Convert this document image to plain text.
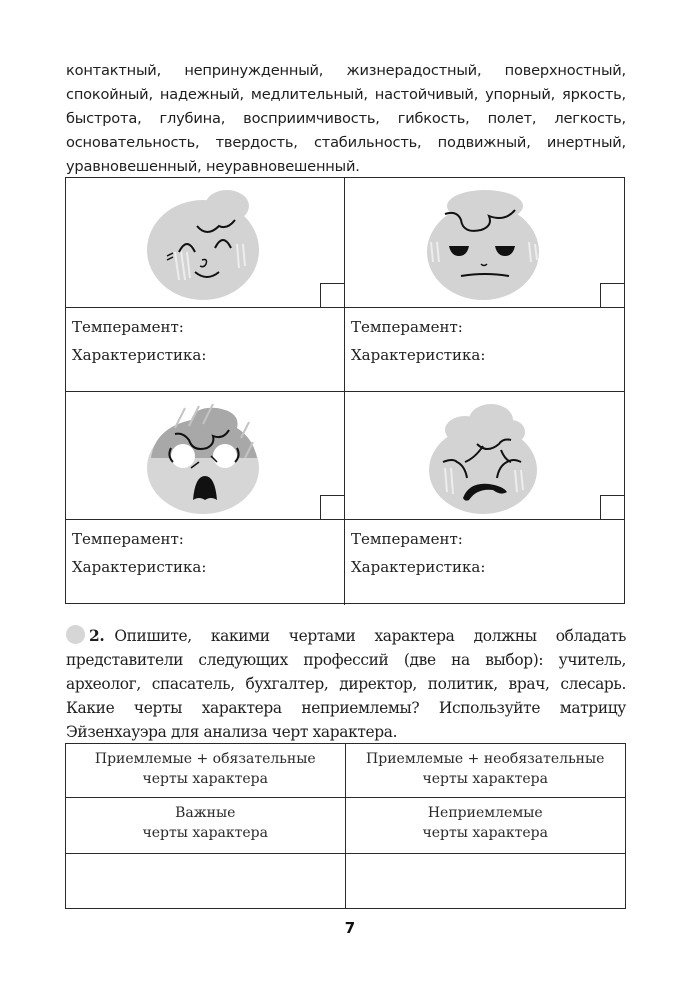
контактный, непринужденный, жизнерадостный, поверхностный, спокойный, надежный, медлительный, настойчивый, упорный, яркость, быстрота, глубина, восприимчивость, гибкость, полет, легкость, основательность, твердость, стабильность, подвижный, инертный, уравновешенный, неуравновешенный.
Темперамент:
Характеристика:
Темперамент:
Характеристика:
Темперамент:
Характеристика:
Темперамент:
Характеристика:
2. Опишите, какими чертами характера должны обладать представители следующих профессий (две на выбор): учитель, археолог, спасатель, бухгалтер, директор, политик, врач, слесарь. Какие черты характера неприемлемы? Используйте матрицу Эйзенхауэра для анализа черт характера.
Приемлемые + обязательные
черты характера
Приемлемые + необязательные
черты характера
Важные
черты характера
Неприемлемые
черты характера
7
